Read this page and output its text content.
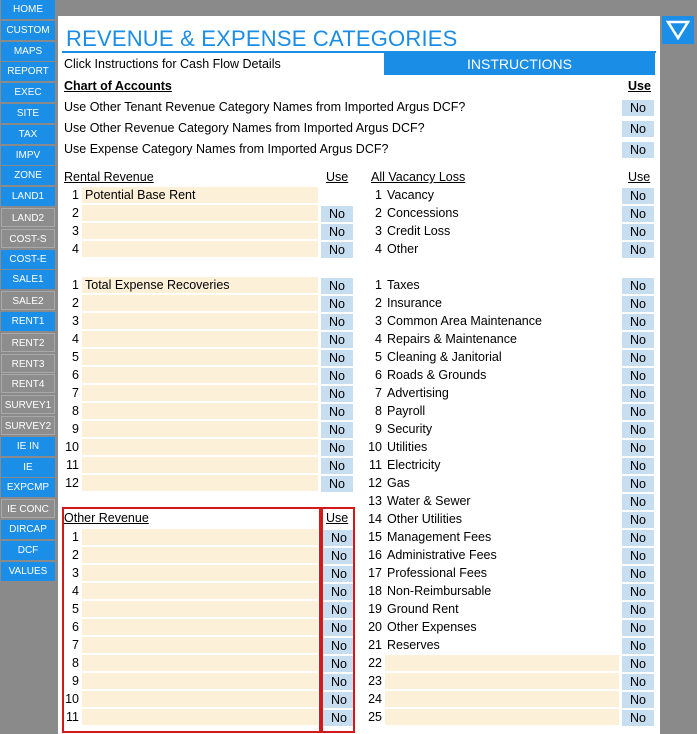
HOME
CUSTOM
MAPS
REPORT
EXEC
SITE
TAX
IMPV
ZONE
LAND1
LAND2
COST-S
COST-E
SALE1
SALE2
RENT1
RENT2
RENT3
RENT4
SURVEY1
SURVEY2
IE IN
IE
EXPCMP
IE CONC
DIRCAP
DCF
VALUES
REVENUE & EXPENSE CATEGORIES
Click Instructions for Cash Flow Details	INSTRUCTIONS
Chart of Accounts	Use
Rental Revenue	Use All Vacancy Loss	Use
Other Revenue	Use
Use Other Tenant Revenue Category Names from Imported Argus DCF?	No
Use Other Revenue Category Names from Imported Argus DCF?	No
Use Expense Category Names from Imported Argus DCF?	No
1 Potential Base Rent
2	No
3	No
4	No
1 Vacancy	No
2 Concessions	No
3 Credit Loss	No
4 Other	No
1 Total Expense Recoveries	No
2	No
3	No
4	No
5	No
6	No
7	No
8	No
9	No
10	No
11	No
12	No
1	No
2	No
3	No
4	No
5	No
6	No
7	No
8	No
9	No
10	No
11	No
1 Taxes	No
2 Insurance	No
3 Common Area Maintenance	No
4 Repairs & Maintenance	No
5 Cleaning & Janitorial	No
6 Roads & Grounds	No
7 Advertising	No
8 Payroll	No
9 Security	No
10 Utilities	No
11 Electricity	No
12 Gas	No
13 Water & Sewer	No
14 Other Utilities	No
15 Management Fees	No
16 Administrative Fees	No
17 Professional Fees	No
18 Non-Reimbursable	No
19 Ground Rent	No
20 Other Expenses	No
21 Reserves	No
22	No
23	No
24	No
25	No
